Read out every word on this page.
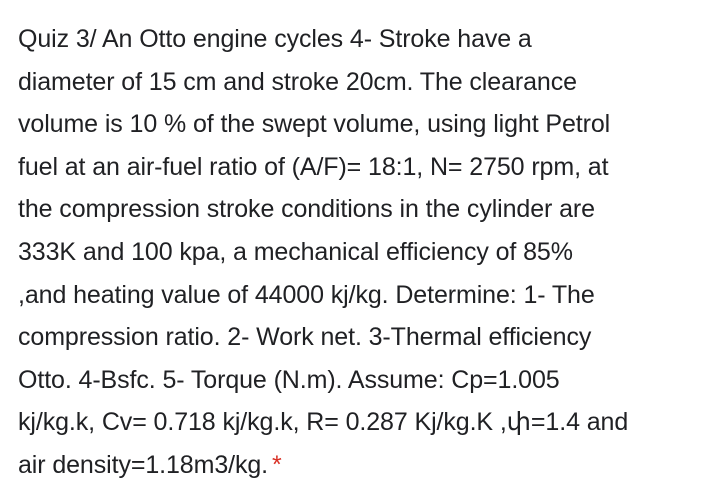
Quiz 3/ An Otto engine cycles 4- Stroke have a
diameter of 15 cm and stroke 20cm. The clearance
volume is 10 % of the swept volume, using light Petrol
fuel at an air-fuel ratio of (A/F)= 18:1, N= 2750 rpm, at
the compression stroke conditions in the cylinder are
333K and 100 kpa, a mechanical efficiency of 85%
,and heating value of 44000 kj/kg. Determine: 1- The
compression ratio. 2- Work net. 3-Thermal efficiency
Otto. 4-Bsfc. 5- Torque (N.m). Assume: Cp=1.005
kj/kg.k, Cv= 0.718 kj/kg.k, R= 0.287 Kj/kg.K ,փ=1.4 and
air density=1.18m3/kg. *
